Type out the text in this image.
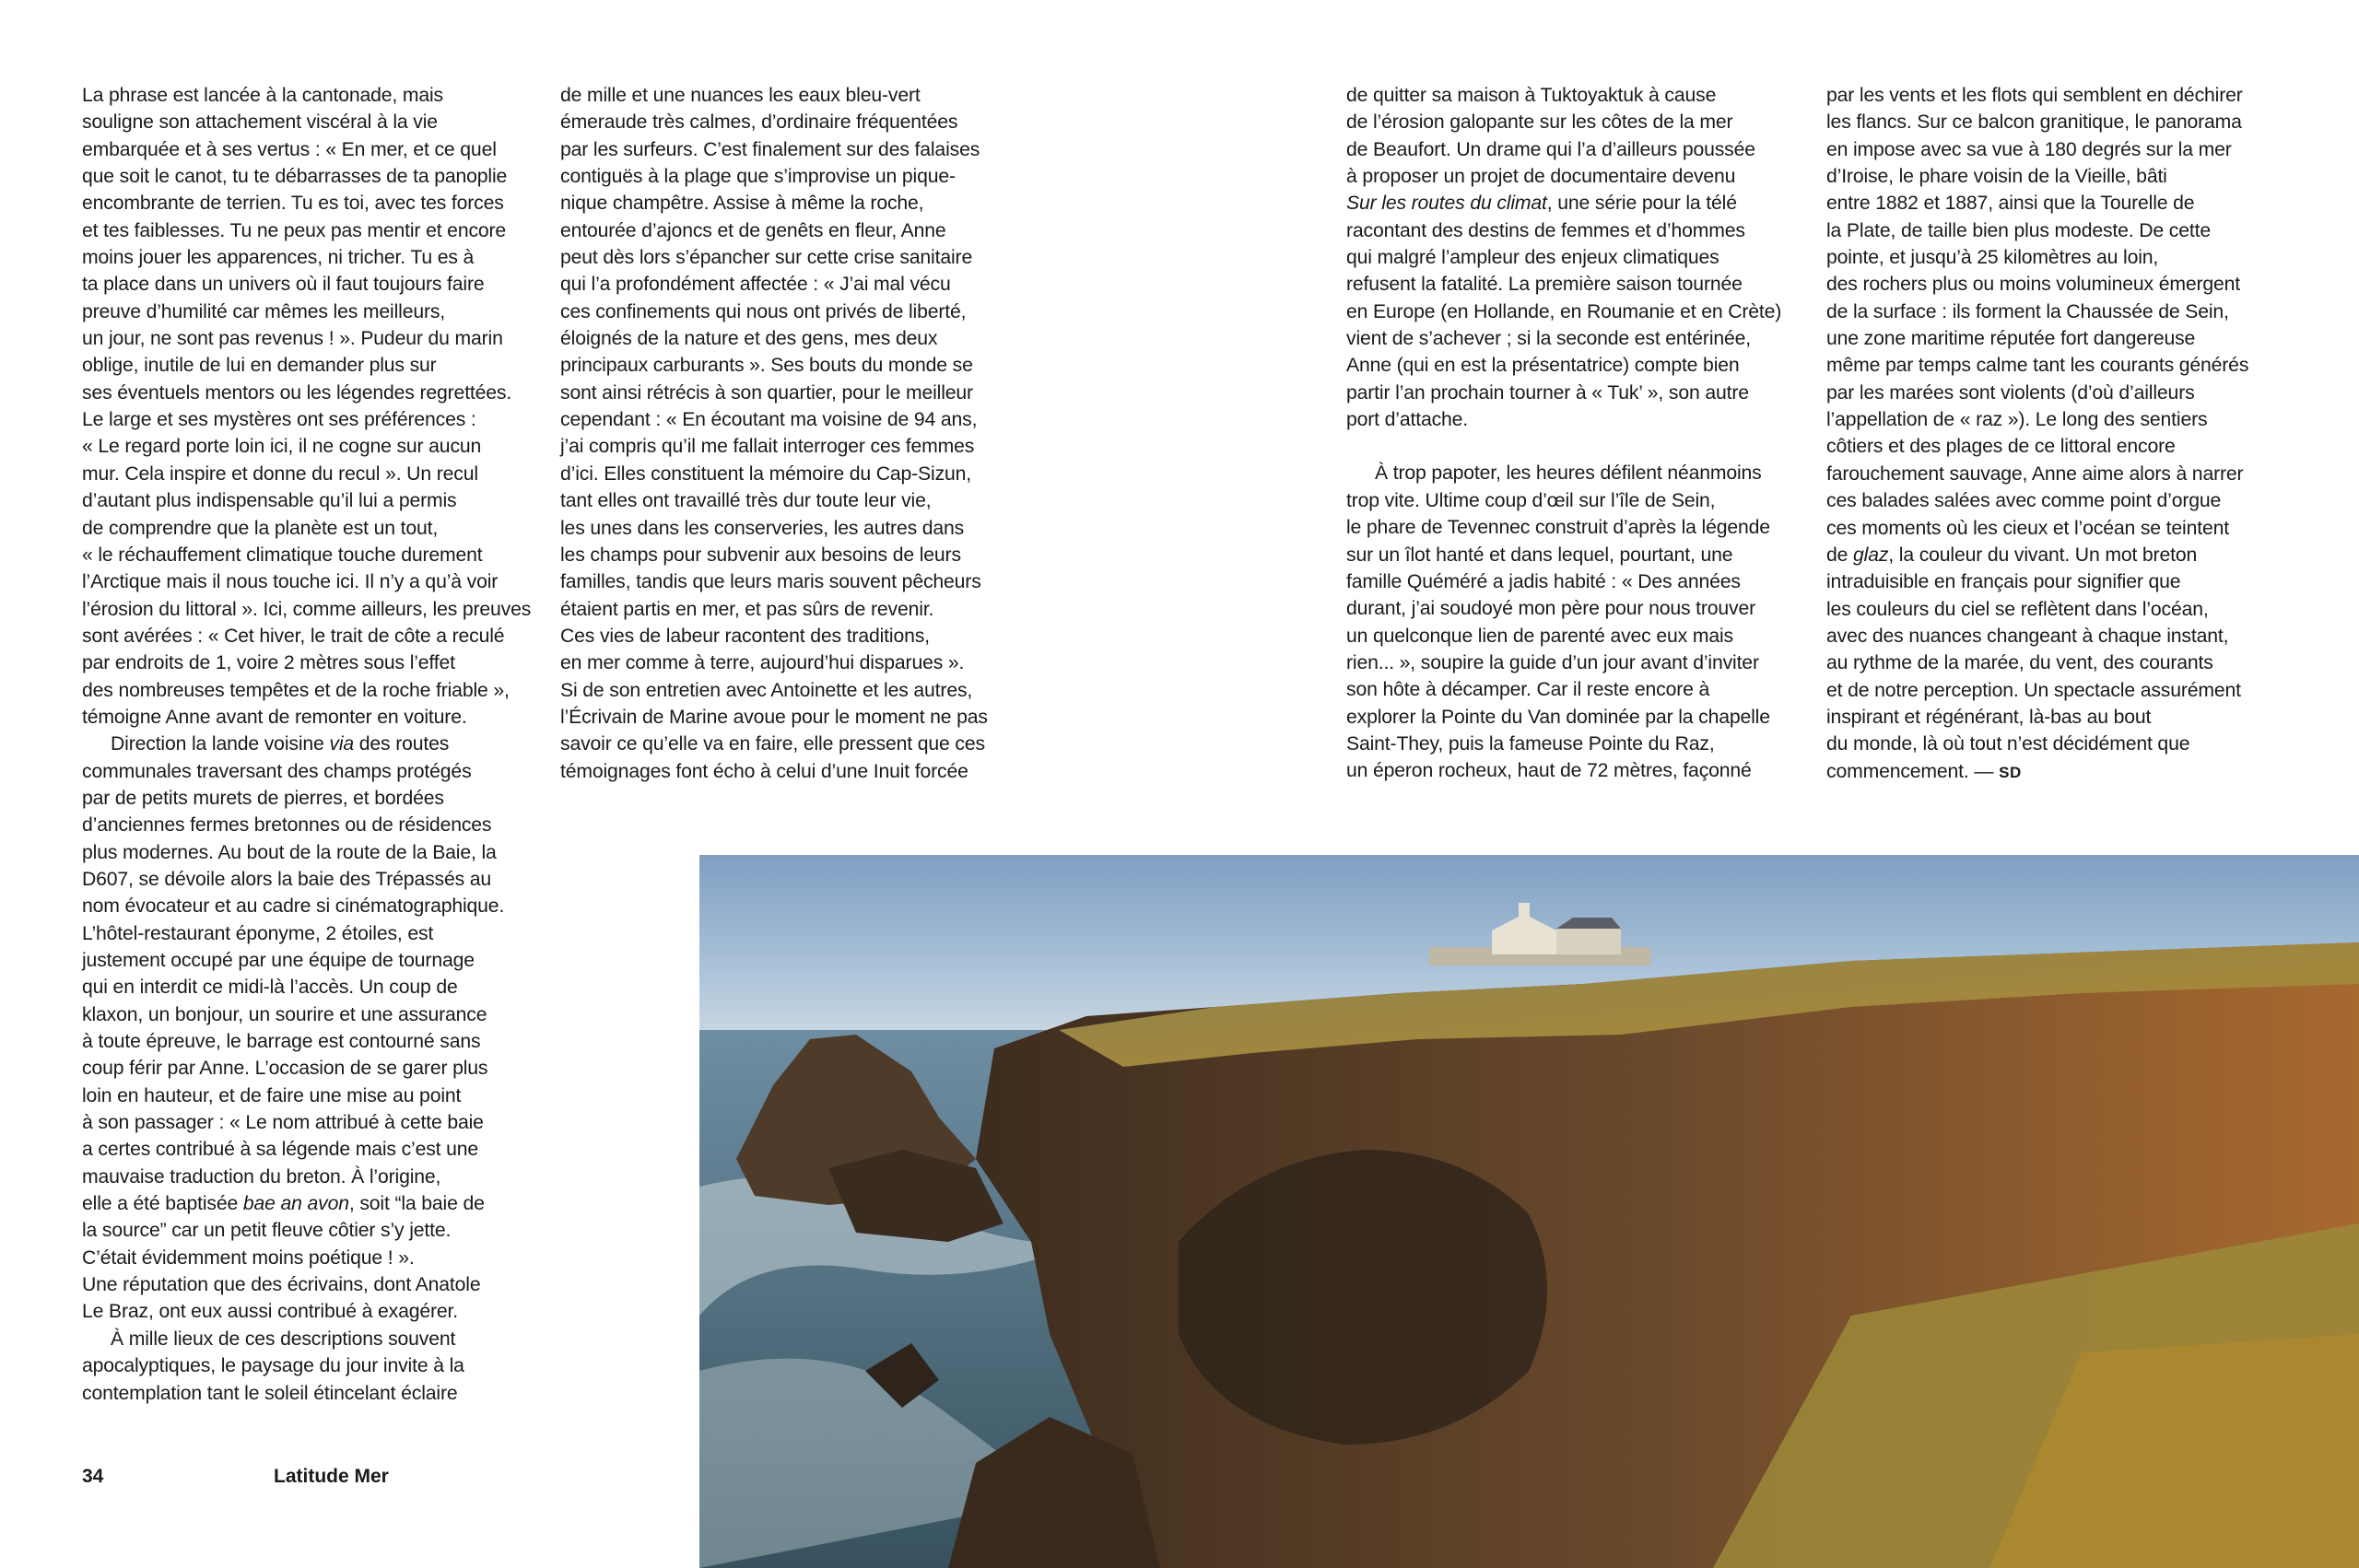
La phrase est lancée à la cantonade, mais
souligne son attachement viscéral à la vie
embarquée et à ses vertus : « En mer, et ce quel
que soit le canot, tu te débarrasses de ta panoplie
encombrante de terrien. Tu es toi, avec tes forces
et tes faiblesses. Tu ne peux pas mentir et encore
moins jouer les apparences, ni tricher. Tu es à
ta place dans un univers où il faut toujours faire
preuve d’humilité car mêmes les meilleurs,
un jour, ne sont pas revenus ! ». Pudeur du marin
oblige, inutile de lui en demander plus sur
ses éventuels mentors ou les légendes regrettées.
Le large et ses mystères ont ses préférences :
« Le regard porte loin ici, il ne cogne sur aucun
mur. Cela inspire et donne du recul ». Un recul
d’autant plus indispensable qu’il lui a permis
de comprendre que la planète est un tout,
« le réchauffement climatique touche durement
l’Arctique mais il nous touche ici. Il n’y a qu’à voir
l’érosion du littoral ». Ici, comme ailleurs, les preuves
sont avérées : « Cet hiver, le trait de côte a reculé
par endroits de 1, voire 2 mètres sous l’effet
des nombreuses tempêtes et de la roche friable »,
témoigne Anne avant de remonter en voiture.
Direction la lande voisine via des routes
communales traversant des champs protégés
par de petits murets de pierres, et bordées
d’anciennes fermes bretonnes ou de résidences
plus modernes. Au bout de la route de la Baie, la
D607, se dévoile alors la baie des Trépassés au
nom évocateur et au cadre si cinématographique.
L’hôtel-restaurant éponyme, 2 étoiles, est
justement occupé par une équipe de tournage
qui en interdit ce midi-là l’accès. Un coup de
klaxon, un bonjour, un sourire et une assurance
à toute épreuve, le barrage est contourné sans
coup férir par Anne. L’occasion de se garer plus
loin en hauteur, et de faire une mise au point
à son passager : « Le nom attribué à cette baie
a certes contribué à sa légende mais c’est une
mauvaise traduction du breton. À l’origine,
elle a été baptisée bae an avon, soit “la baie de
la source” car un petit fleuve côtier s’y jette.
C’était évidemment moins poétique ! ».
Une réputation que des écrivains, dont Anatole
Le Braz, ont eux aussi contribué à exagérer.
À mille lieux de ces descriptions souvent
apocalyptiques, le paysage du jour invite à la
contemplation tant le soleil étincelant éclaire
de mille et une nuances les eaux bleu-vert
émeraude très calmes, d’ordinaire fréquentées
par les surfeurs. C’est finalement sur des falaises
contiguës à la plage que s’improvise un pique-
nique champêtre. Assise à même la roche,
entourée d’ajoncs et de genêts en fleur, Anne
peut dès lors s’épancher sur cette crise sanitaire
qui l’a profondément affectée : « J’ai mal vécu
ces confinements qui nous ont privés de liberté,
éloignés de la nature et des gens, mes deux
principaux carburants ». Ses bouts du monde se
sont ainsi rétrécis à son quartier, pour le meilleur
cependant : « En écoutant ma voisine de 94 ans,
j’ai compris qu’il me fallait interroger ces femmes
d’ici. Elles constituent la mémoire du Cap-Sizun,
tant elles ont travaillé très dur toute leur vie,
les unes dans les conserveries, les autres dans
les champs pour subvenir aux besoins de leurs
familles, tandis que leurs maris souvent pêcheurs
étaient partis en mer, et pas sûrs de revenir.
Ces vies de labeur racontent des traditions,
en mer comme à terre, aujourd’hui disparues ».
Si de son entretien avec Antoinette et les autres,
l’Écrivain de Marine avoue pour le moment ne pas
savoir ce qu’elle va en faire, elle pressent que ces
témoignages font écho à celui d’une Inuit forcée
de quitter sa maison à Tuktoyaktuk à cause
de l’érosion galopante sur les côtes de la mer
de Beaufort. Un drame qui l’a d’ailleurs poussée
à proposer un projet de documentaire devenu
Sur les routes du climat, une série pour la télé
racontant des destins de femmes et d’hommes
qui malgré l’ampleur des enjeux climatiques
refusent la fatalité. La première saison tournée
en Europe (en Hollande, en Roumanie et en Crète)
vient de s’achever ; si la seconde est entérinée,
Anne (qui en est la présentatrice) compte bien
partir l’an prochain tourner à « Tuk’ », son autre
port d’attache.
À trop papoter, les heures défilent néanmoins
trop vite. Ultime coup d’œil sur l’île de Sein,
le phare de Tevennec construit d’après la légende
sur un îlot hanté et dans lequel, pourtant, une
famille Quéméré a jadis habité : « Des années
durant, j’ai soudoyé mon père pour nous trouver
un quelconque lien de parenté avec eux mais
rien... », soupire la guide d’un jour avant d’inviter
son hôte à décamper. Car il reste encore à
explorer la Pointe du Van dominée par la chapelle
Saint-They, puis la fameuse Pointe du Raz,
un éperon rocheux, haut de 72 mètres, façonné
par les vents et les flots qui semblent en déchirer
les flancs. Sur ce balcon granitique, le panorama
en impose avec sa vue à 180 degrés sur la mer
d’Iroise, le phare voisin de la Vieille, bâti
entre 1882 et 1887, ainsi que la Tourelle de
la Plate, de taille bien plus modeste. De cette
pointe, et jusqu’à 25 kilomètres au loin,
des rochers plus ou moins volumineux émergent
de la surface : ils forment la Chaussée de Sein,
une zone maritime réputée fort dangereuse
même par temps calme tant les courants générés
par les marées sont violents (d’où d’ailleurs
l’appellation de « raz »). Le long des sentiers
côtiers et des plages de ce littoral encore
farouchement sauvage, Anne aime alors à narrer
ces balades salées avec comme point d’orgue
ces moments où les cieux et l’océan se teintent
de glaz, la couleur du vivant. Un mot breton
intraduisible en français pour signifier que
les couleurs du ciel se reflètent dans l’océan,
avec des nuances changeant à chaque instant,
au rythme de la marée, du vent, des courants
et de notre perception. Un spectacle assurément
inspirant et régénérant, là-bas au bout
du monde, là où tout n’est décidément que
commencement. — SD
34	Latitude Mer
